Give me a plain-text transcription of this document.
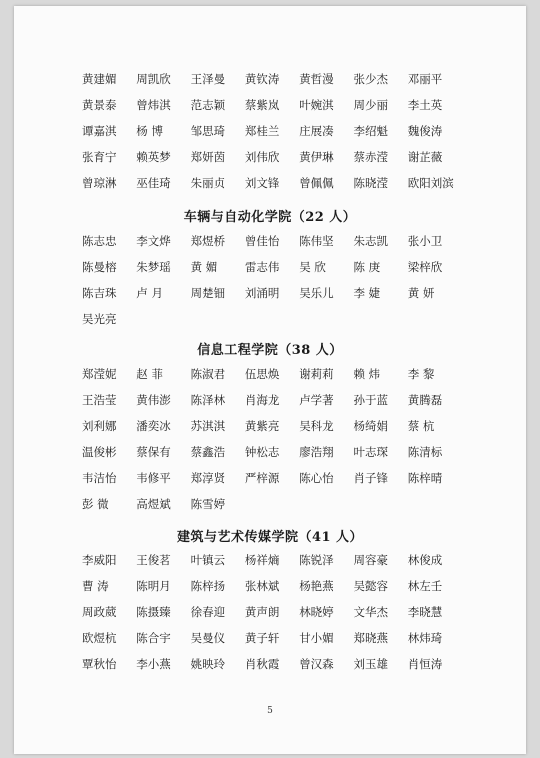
黄建媚	周凯欣	王泽曼	黄钦涛	黄哲漫	张少杰	邓丽平
黄景泰	曾炜淇	范志颖	蔡紫岚	叶婉淇	周少丽	李土英
谭嘉淇	杨 博	邹思琦	郑桂兰	庄展凑	李绍魁	魏俊涛
张育宁	赖英梦	郑妍茵	刘伟欣	黄伊琳	蔡赤滢	谢芷薇
曾琼淋	巫佳琦	朱丽贞	刘文锋	曾佩佩	陈晓滢	欧阳刘滨
车辆与自动化学院（22 人）
陈志忠	李文烨	郑煜桥	曾佳怡	陈伟坚	朱志凯	张小卫
陈曼榕	朱梦瑶	黄 媚	雷志伟	吴 欣	陈 庚	梁梓欣
陈吉珠	卢 月	周楚钿	刘涌明	吴乐儿	李 婕	黄 妍
吴光亮
信息工程学院（38 人）
郑滢妮	赵 菲	陈淑君	伍思焕	谢莉莉	赖 炜	李 黎
王浩莹	黄伟澎	陈泽林	肖海龙	卢学著	孙于蓝	黄腾磊
刘利娜	潘奕冰	苏淇淇	黄紫亮	吴科龙	杨绮娟	蔡 杭
温俊彬	蔡保有	蔡鑫浩	钟松志	廖浩翔	叶志琛	陈清标
韦洁怡	韦修平	郑淳贤	严梓源	陈心怡	肖子锋	陈梓晴
彭 微	高煜斌	陈雪婷
建筑与艺术传媒学院（41 人）
李威阳	王俊茗	叶镇云	杨祥熵	陈锐泽	周容豪	林俊成
曹 涛	陈明月	陈梓扬	张林斌	杨艳燕	吴懿容	林左壬
周政葳	陈摄臻	徐春迎	黄声朗	林晓婷	文华杰	李晓慧
欧煜杭	陈合宇	吴曼仪	黄子轩	甘小媚	郑晓燕	林炜琦
覃秋怡	李小燕	姚映玲	肖秋霞	曾汉森	刘玉雄	肖恒涛
5
